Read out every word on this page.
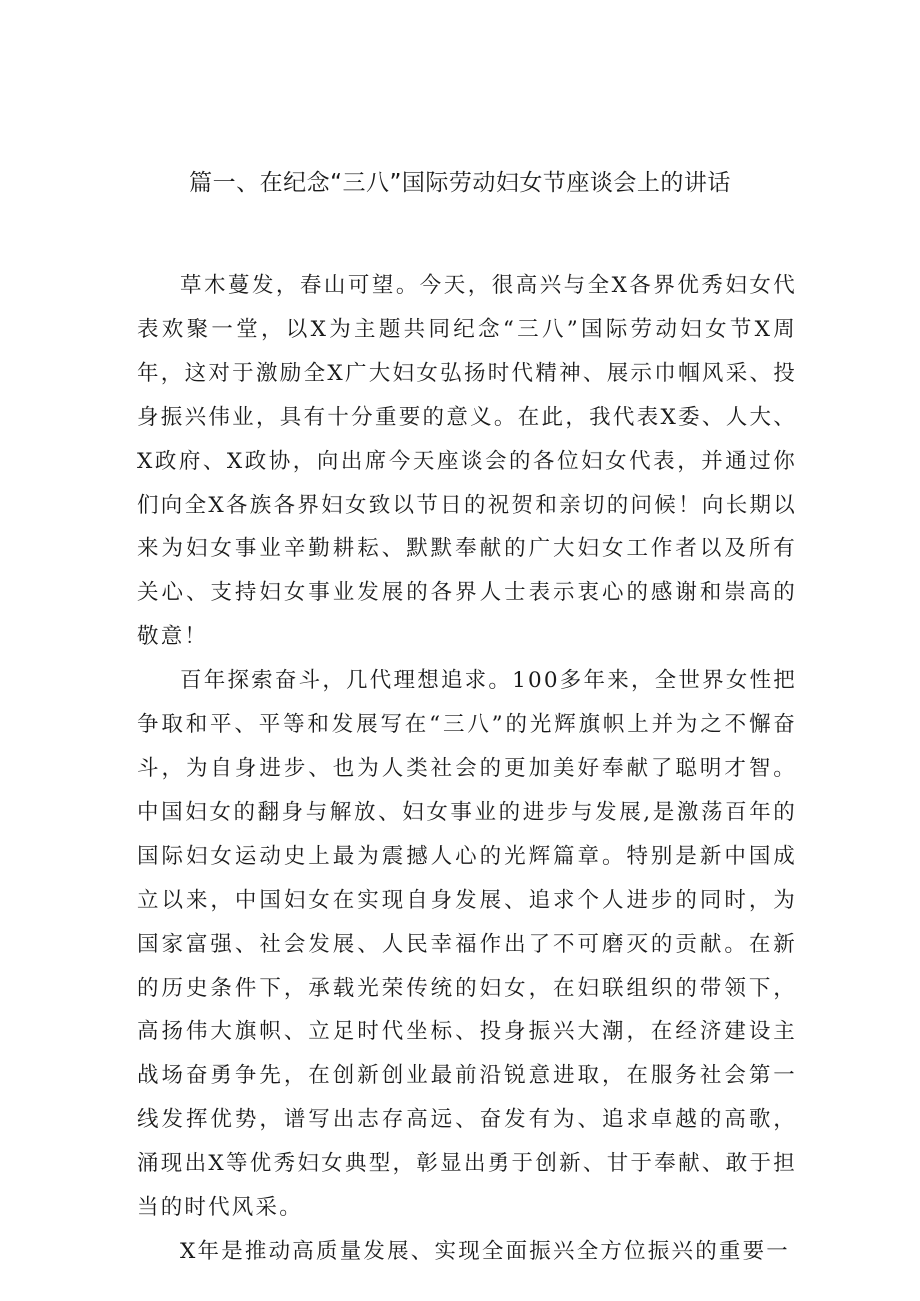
篇一、在纪念“三八”国际劳动妇女节座谈会上的讲话

草木蔓发，春山可望。今天，很高兴与全X各界优秀妇女代表欢聚一堂，以X为主题共同纪念“三八”国际劳动妇女节X周年，这对于激励全X广大妇女弘扬时代精神、展示巾帼风采、投身振兴伟业，具有十分重要的意义。在此，我代表X委、人大、X政府、X政协，向出席今天座谈会的各位妇女代表，并通过你们向全X各族各界妇女致以节日的祝贺和亲切的问候！向长期以来为妇女事业辛勤耕耘、默默奉献的广大妇女工作者以及所有关心、支持妇女事业发展的各界人士表示衷心的感谢和崇高的敬意！

百年探索奋斗，几代理想追求。100多年来，全世界女性把争取和平、平等和发展写在“三八”的光辉旗帜上并为之不懈奋斗，为自身进步、也为人类社会的更加美好奉献了聪明才智。中国妇女的翻身与解放、妇女事业的进步与发展,是激荡百年的国际妇女运动史上最为震撼人心的光辉篇章。特别是新中国成立以来，中国妇女在实现自身发展、追求个人进步的同时，为国家富强、社会发展、人民幸福作出了不可磨灭的贡献。在新的历史条件下，承载光荣传统的妇女，在妇联组织的带领下，高扬伟大旗帜、立足时代坐标、投身振兴大潮，在经济建设主战场奋勇争先，在创新创业最前沿锐意进取，在服务社会第一线发挥优势，谱写出志存高远、奋发有为、追求卓越的高歌，涌现出X等优秀妇女典型，彰显出勇于创新、甘于奉献、敢于担当的时代风采。

X年是推动高质量发展、实现全面振兴全方位振兴的重要一
